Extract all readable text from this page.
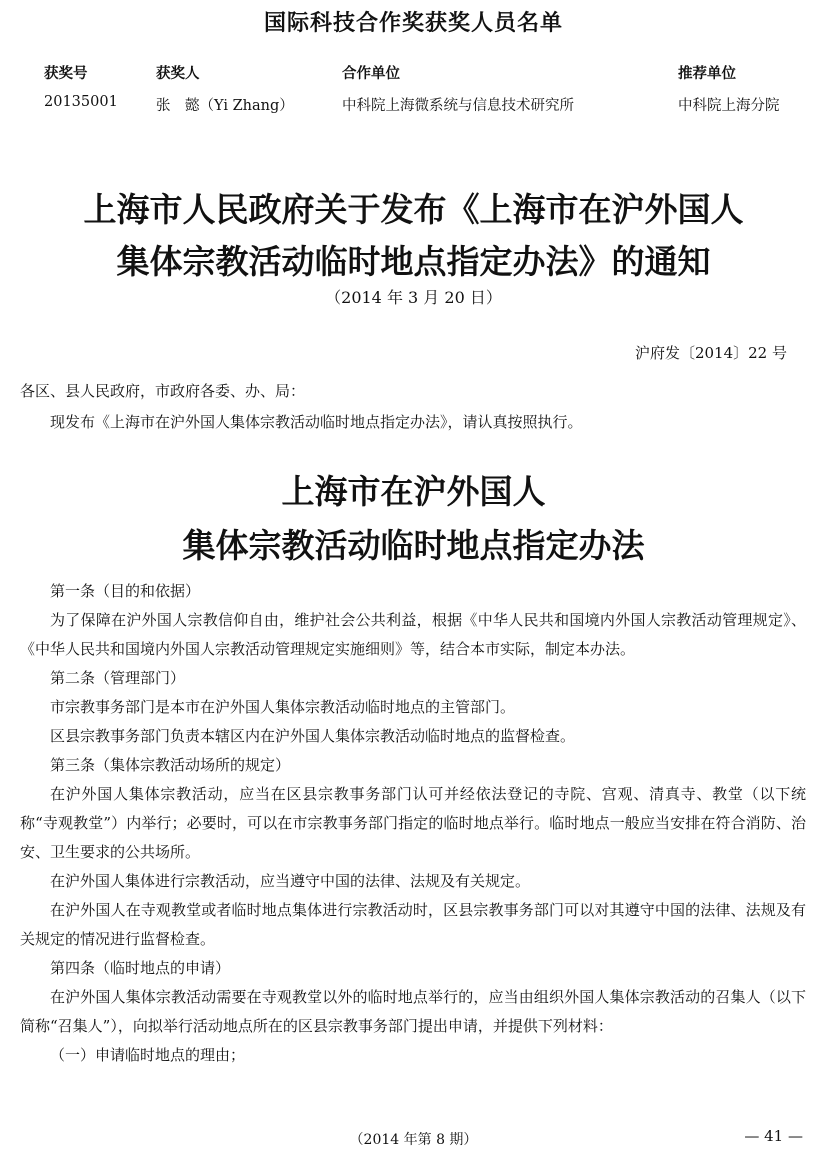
国际科技合作奖获奖人员名单
获奖号	获奖人	合作单位	推荐单位
20135001	张　懿（Yi Zhang）	中科院上海微系统与信息技术研究所	中科院上海分院
上海市人民政府关于发布《上海市在沪外国人
集体宗教活动临时地点指定办法》的通知
（2014 年 3 月 20 日）
沪府发〔2014〕22 号
各区、县人民政府，市政府各委、办、局：
现发布《上海市在沪外国人集体宗教活动临时地点指定办法》，请认真按照执行。
上海市在沪外国人
集体宗教活动临时地点指定办法

第一条（目的和依据）

为了保障在沪外国人宗教信仰自由，维护社会公共利益，根据《中华人民共和国境内外国人宗教活动管理规定》、《中华人民共和国境内外国人宗教活动管理规定实施细则》等，结合本市实际，制定本办法。

第二条（管理部门）

市宗教事务部门是本市在沪外国人集体宗教活动临时地点的主管部门。

区县宗教事务部门负责本辖区内在沪外国人集体宗教活动临时地点的监督检查。

第三条（集体宗教活动场所的规定）

在沪外国人集体宗教活动，应当在区县宗教事务部门认可并经依法登记的寺院、宫观、清真寺、教堂（以下统称“寺观教堂”）内举行；必要时，可以在市宗教事务部门指定的临时地点举行。临时地点一般应当安排在符合消防、治安、卫生要求的公共场所。

在沪外国人集体进行宗教活动，应当遵守中国的法律、法规及有关规定。

在沪外国人在寺观教堂或者临时地点集体进行宗教活动时，区县宗教事务部门可以对其遵守中国的法律、法规及有关规定的情况进行监督检查。

第四条（临时地点的申请）

在沪外国人集体宗教活动需要在寺观教堂以外的临时地点举行的，应当由组织外国人集体宗教活动的召集人（以下简称“召集人”），向拟举行活动地点所在的区县宗教事务部门提出申请，并提供下列材料：

（一）申请临时地点的理由；

（2014 年第 8 期）	— 41 —
